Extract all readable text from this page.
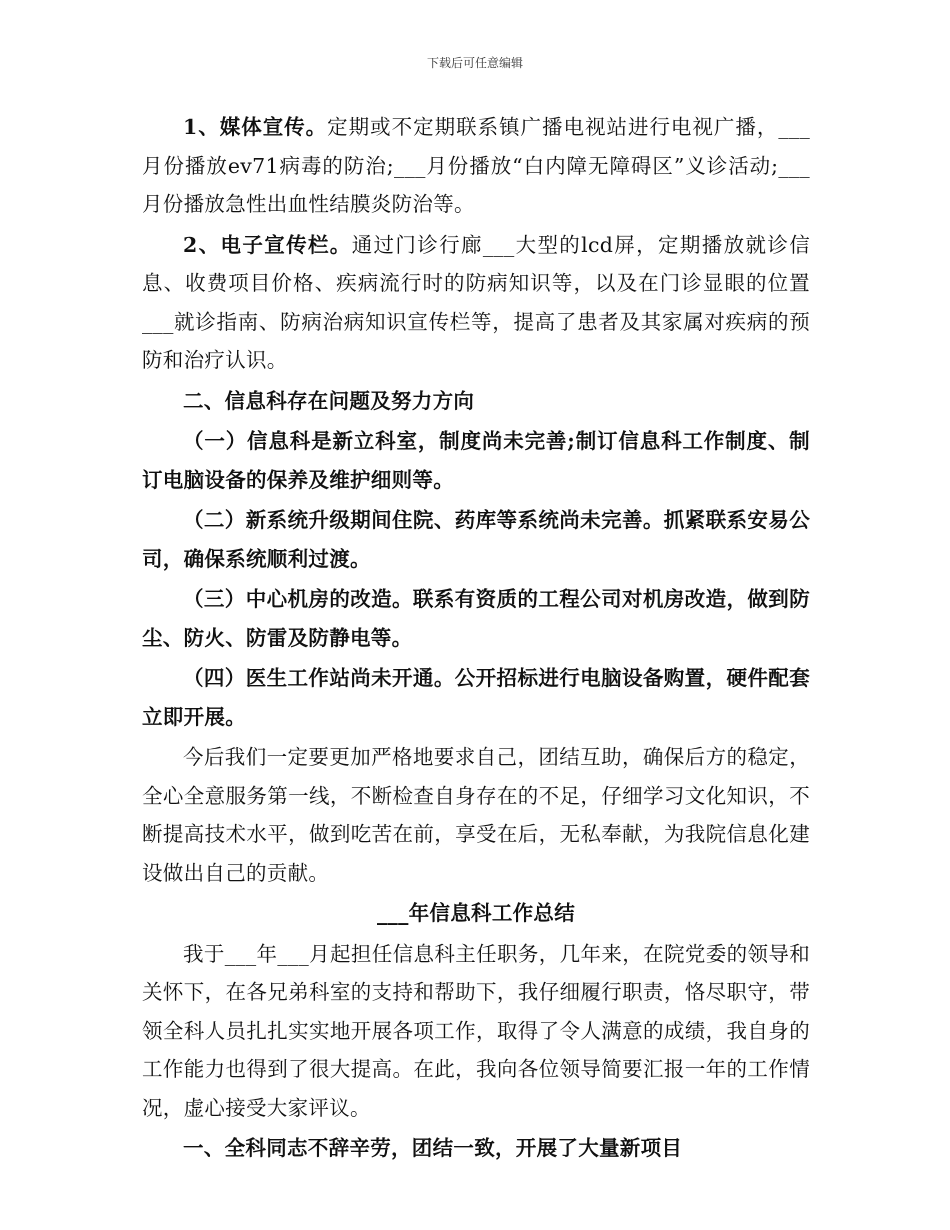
下载后可任意编辑

1、媒体宣传。定期或不定期联系镇广播电视站进行电视广播，___月份播放ev71病毒的防治;___月份播放“白内障无障碍区”义诊活动;___月份播放急性出血性结膜炎防治等。

2、电子宣传栏。通过门诊行廊___大型的lcd屏，定期播放就诊信息、收费项目价格、疾病流行时的防病知识等，以及在门诊显眼的位置___就诊指南、防病治病知识宣传栏等，提高了患者及其家属对疾病的预防和治疗认识。

二、信息科存在问题及努力方向

（一）信息科是新立科室，制度尚未完善;制订信息科工作制度、制订电脑设备的保养及维护细则等。

（二）新系统升级期间住院、药库等系统尚未完善。抓紧联系安易公司，确保系统顺利过渡。

（三）中心机房的改造。联系有资质的工程公司对机房改造，做到防尘、防火、防雷及防静电等。

（四）医生工作站尚未开通。公开招标进行电脑设备购置，硬件配套立即开展。

今后我们一定要更加严格地要求自己，团结互助，确保后方的稳定，全心全意服务第一线，不断检查自身存在的不足，仔细学习文化知识，不断提高技术水平，做到吃苦在前，享受在后，无私奉献，为我院信息化建设做出自己的贡献。

___年信息科工作总结

我于___年___月起担任信息科主任职务，几年来，在院党委的领导和关怀下，在各兄弟科室的支持和帮助下，我仔细履行职责，恪尽职守，带领全科人员扎扎实实地开展各项工作，取得了令人满意的成绩，我自身的工作能力也得到了很大提高。在此，我向各位领导简要汇报一年的工作情况，虚心接受大家评议。

一、全科同志不辞辛劳，团结一致，开展了大量新项目
